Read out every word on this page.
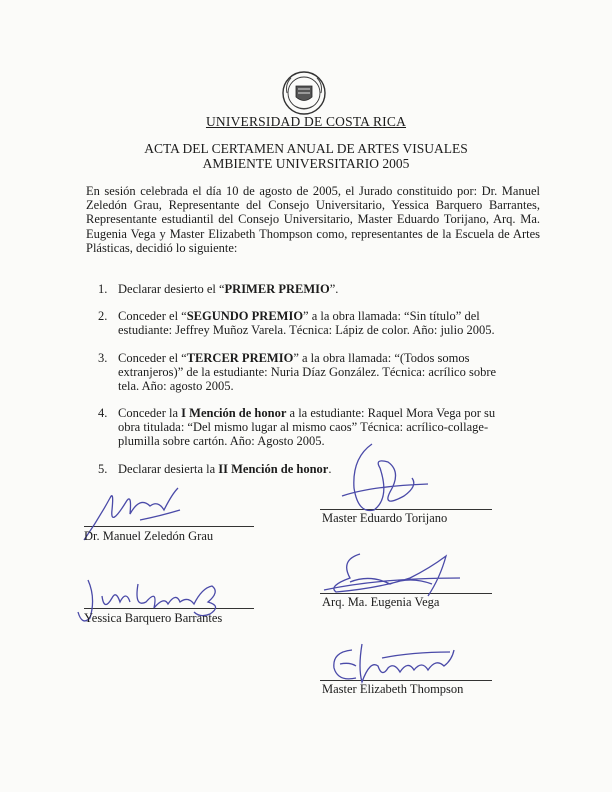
UNIVERSIDAD DE COSTA RICA
ACTA DEL CERTAMEN ANUAL DE ARTES VISUALES
AMBIENTE UNIVERSITARIO 2005
En sesión celebrada el día 10 de agosto de 2005, el Jurado constituido por: Dr. Manuel Zeledón Grau, Representante del Consejo Universitario, Yessica Barquero Barrantes, Representante estudiantil del Consejo Universitario, Master Eduardo Torijano, Arq. Ma. Eugenia Vega y Master Elizabeth Thompson como, representantes de la Escuela de Artes Plásticas, decidió lo siguiente:
1. Declarar desierto el “PRIMER PREMIO”.
2. Conceder el “SEGUNDO PREMIO” a la obra llamada: “Sin título” del estudiante: Jeffrey Muñoz Varela. Técnica: Lápiz de color. Año: julio 2005.
3. Conceder el “TERCER PREMIO” a la obra llamada: “(Todos somos extranjeros)” de la estudiante: Nuria Díaz González. Técnica: acrílico sobre tela. Año: agosto 2005.
4. Conceder la I Mención de honor a la estudiante: Raquel Mora Vega por su obra titulada: “Del mismo lugar al mismo caos” Técnica: acrílico-collage-plumilla sobre cartón. Año: Agosto 2005.
5. Declarar desierta la II Mención de honor.
Dr. Manuel Zeledón Grau
Master Eduardo Torijano
Yessica Barquero Barrantes
Arq. Ma. Eugenia Vega
Master Elizabeth Thompson
